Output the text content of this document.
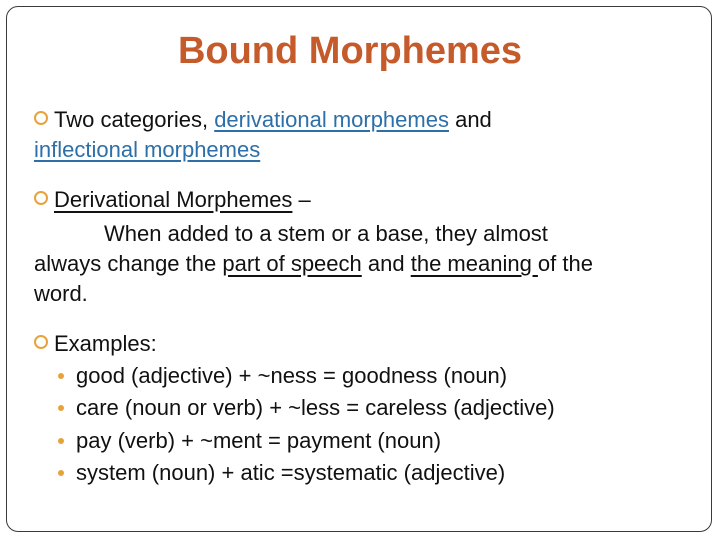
Bound Morphemes
Two categories, derivational morphemes and
inflectional morphemes
Derivational Morphemes –
When added to a stem or a base, they almost
always change the part of speech and the meaning of the
word.
Examples:
good (adjective) + ~ness = goodness (noun)
care (noun or verb) + ~less = careless (adjective)
pay (verb) + ~ment = payment (noun)
system (noun) + atic =systematic (adjective)
